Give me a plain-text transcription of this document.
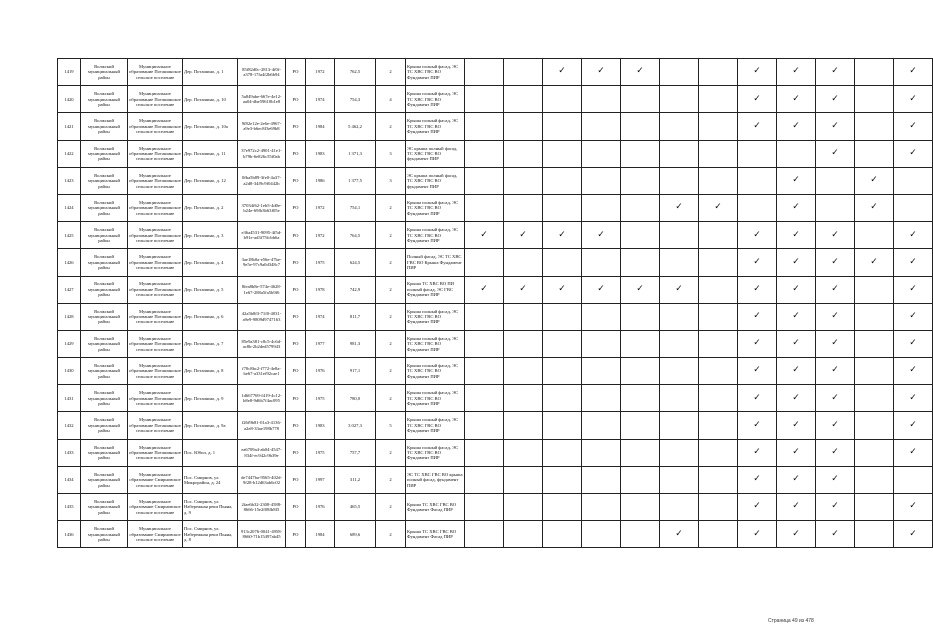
1419	Волжский муниципальный район	Муниципальное образование Поташинское сельское поселение	Дер. Поташино, д. 1	85f82d0c-2813-4f0f-a378-17fa4f2b6b94	РО	1972	762,5	2	Крыша полный фасад, ЭС ТС ХВС ГВС ВО Фундамент ПИР			✓	✓	✓			✓	✓	✓		✓
1420	Волжский муниципальный район	Муниципальное образование Поташинское сельское поселение	Дер. Поташино, д. 10	5a849abe-667e-4e12-aa04-dbe59610b1e8	РО	1974	754,3	4	Крыша полный фасад, ЭС ТС ХВС ГВС ВО Фундамент ПИР								✓	✓	✓		✓
1421	Волжский муниципальный район	Муниципальное образование Поташинское сельское поселение	Дер. Поташино, д. 10а	9f82e12e-2e6e-4967-a9e3-b6ec8f3e69b8	РО	1984	5 462,2	2	Крыша полный фасад, ЭС ТС ХВС ГВС ВО Фундамент ПИР								✓	✓	✓		✓
1422	Волжский муниципальный район	Муниципальное образование Поташинское сельское поселение	Дер. Поташино, д. 11	37e972c2-4901-41e1-b79b-6e826c55f0ab	РО	1983	1 371,3	3	ЭС крыша полный фасад, ТС ХВС ГВС ВО фундамент ПИР										✓		✓
1423	Волжский муниципальный район	Муниципальное образование Поташинское сельское поселение	Дер. Поташино, д. 12	0fba5b89-3fe0-4a37-a2d8-34f9c9f0442b	РО	1986	1 377,5	3	ЭС крыша полный фасад, ТС ХВС ГВС ВО фундамент ПИР									✓		✓	
1424	Волжский муниципальный район	Муниципальное образование Поташинское сельское поселение	Дер. Поташино, д. 2	37034f62-1eb5-4d0e-b24e-69fb3b63f05e	РО	1972	754,1	2	Крыша полный фасад, ЭС ТС ХВС ГВС ВО Фундамент ПИР						✓	✓		✓		✓	
1425	Волжский муниципальный район	Муниципальное образование Поташинское сельское поселение	Дер. Поташино, д. 3	e36a4531-9095-4f5d-b91e-ad3f75fcbb6a	РО	1972	764,5	2	Крыша полный фасад, ЭС ТС ХВС ГВС ВО Фундамент ПИР	✓	✓	✓	✓				✓	✓	✓		✓
1426	Волжский муниципальный район	Муниципальное образование Поташинское сельское поселение	Дер. Поташино, д. 4	3ae18b0a-e56e-47be-9e5e-97c9a0d348c7	РО	1975	624,5	2	Полный фасад, ЭС ТС ХВС ГВС ВО Крыша Фундамент ПИР								✓	✓	✓	✓	✓
1427	Волжский муниципальный район	Муниципальное образование Поташинское сельское поселение	Дер. Поташино, д. 5	8fea8b8e-574e-4628-1e67-288a5fa5b9f6	РО	1978	742,9	2	Крыша ТС ХВС ВО ПИ полный фасад, ЭС ГВС Фундамент ПИР	✓	✓	✓	✓	✓	✓		✓	✓	✓		✓
1428	Волжский муниципальный район	Муниципальное образование Поташинское сельское поселение	Дер. Поташино, д. 6	42a5b8f3-71f0-4031-a9e9-9809d9747163	РО	1974	811,7	2	Крыша полный фасад, ЭС ТС ХВС ГВС ВО Фундамент ПИР								✓	✓	✓		✓
1429	Волжский муниципальный район	Муниципальное образование Поташинское сельское поселение	Дер. Поташино, д. 7	85e9a381-c8c5-4c6d-ac8b-2b2ded579943	РО	1977	981,3	2	Крыша полный фасад, ЭС ТС ХВС ГВС ВО Фундамент ПИР								✓	✓	✓		✓
1430	Волжский муниципальный район	Муниципальное образование Поташинское сельское поселение	Дер. Поташино, д. 8	f70c8bc2-f772-4e8a-be67-a331ef92cae1	РО	1976	917,1	2	Крыша полный фасад, ЭС ТС ХВС ГВС ВО Фундамент ПИР								✓	✓	✓		✓
1431	Волжский муниципальный район	Муниципальное образование Поташинское сельское поселение	Дер. Поташино, д. 9	1d667769-f419-4c12-b8e8-9d6b7f4ac095	РО	1975	780,0	2	Крыша полный фасад, ЭС ТС ХВС ГВС ВО Фундамент ПИР								✓	✓	✓		✓
1432	Волжский муниципальный район	Муниципальное образование Поташинское сельское поселение	Дер. Поташино, д. 9а	f26f9b81-01a3-4136-a2e8-33ae198b778	РО	1983	3 027,3	5	Крыша полный фасад, ЭС ТС ХВС ГВС ВО Фундамент ПИР								✓	✓	✓		✓
1433	Волжский муниципальный район	Муниципальное образование Поташинское сельское поселение	Пос. Юбил, д. 1	ea6709a4-ab04-4547-834f-ec942c9b39e	РО	1975	757,7	2	Крыша полный фасад, ЭС ТС ХВС ГВС ВО Фундамент ПИР								✓	✓	✓		✓
1434	Волжский муниципальный район	Муниципальное образование Смирновское сельское поселение	Пос. Смирнов, ул. Микрорайон, д. 24	de7447ba-9565-402d-9f28-b12d63ab6c02	РО	1997	311,2	2	ЭС ТС ХВС ГВС ВО крыша полный фасад, фундамент ПИР								✓	✓	✓		
1435	Волжский муниципальный район	Муниципальное образование Смирновское сельское поселение	Пос. Смирнов, ул. Набережная реки Пьяна, д. 9	2fae6b32-2308-4588-8666-15e2f08fb8f5	РО	1976	465,5	2	Крыша ТС ХВС ГВС ВО Фундамент Фасад ПИР								✓	✓	✓		✓
1436	Волжский муниципальный район	Муниципальное образование Смирновское сельское поселение	Пос. Смирнов, ул. Набережная реки Пьяна, д. 8	913c2076-0041-4958-8660-71b15497ab45	РО	1984	689,6	2	Крыша ТС ХВС ГВС ВО Фундамент Фасад ПИР						✓		✓	✓	✓		✓
Страница 49 из 478
